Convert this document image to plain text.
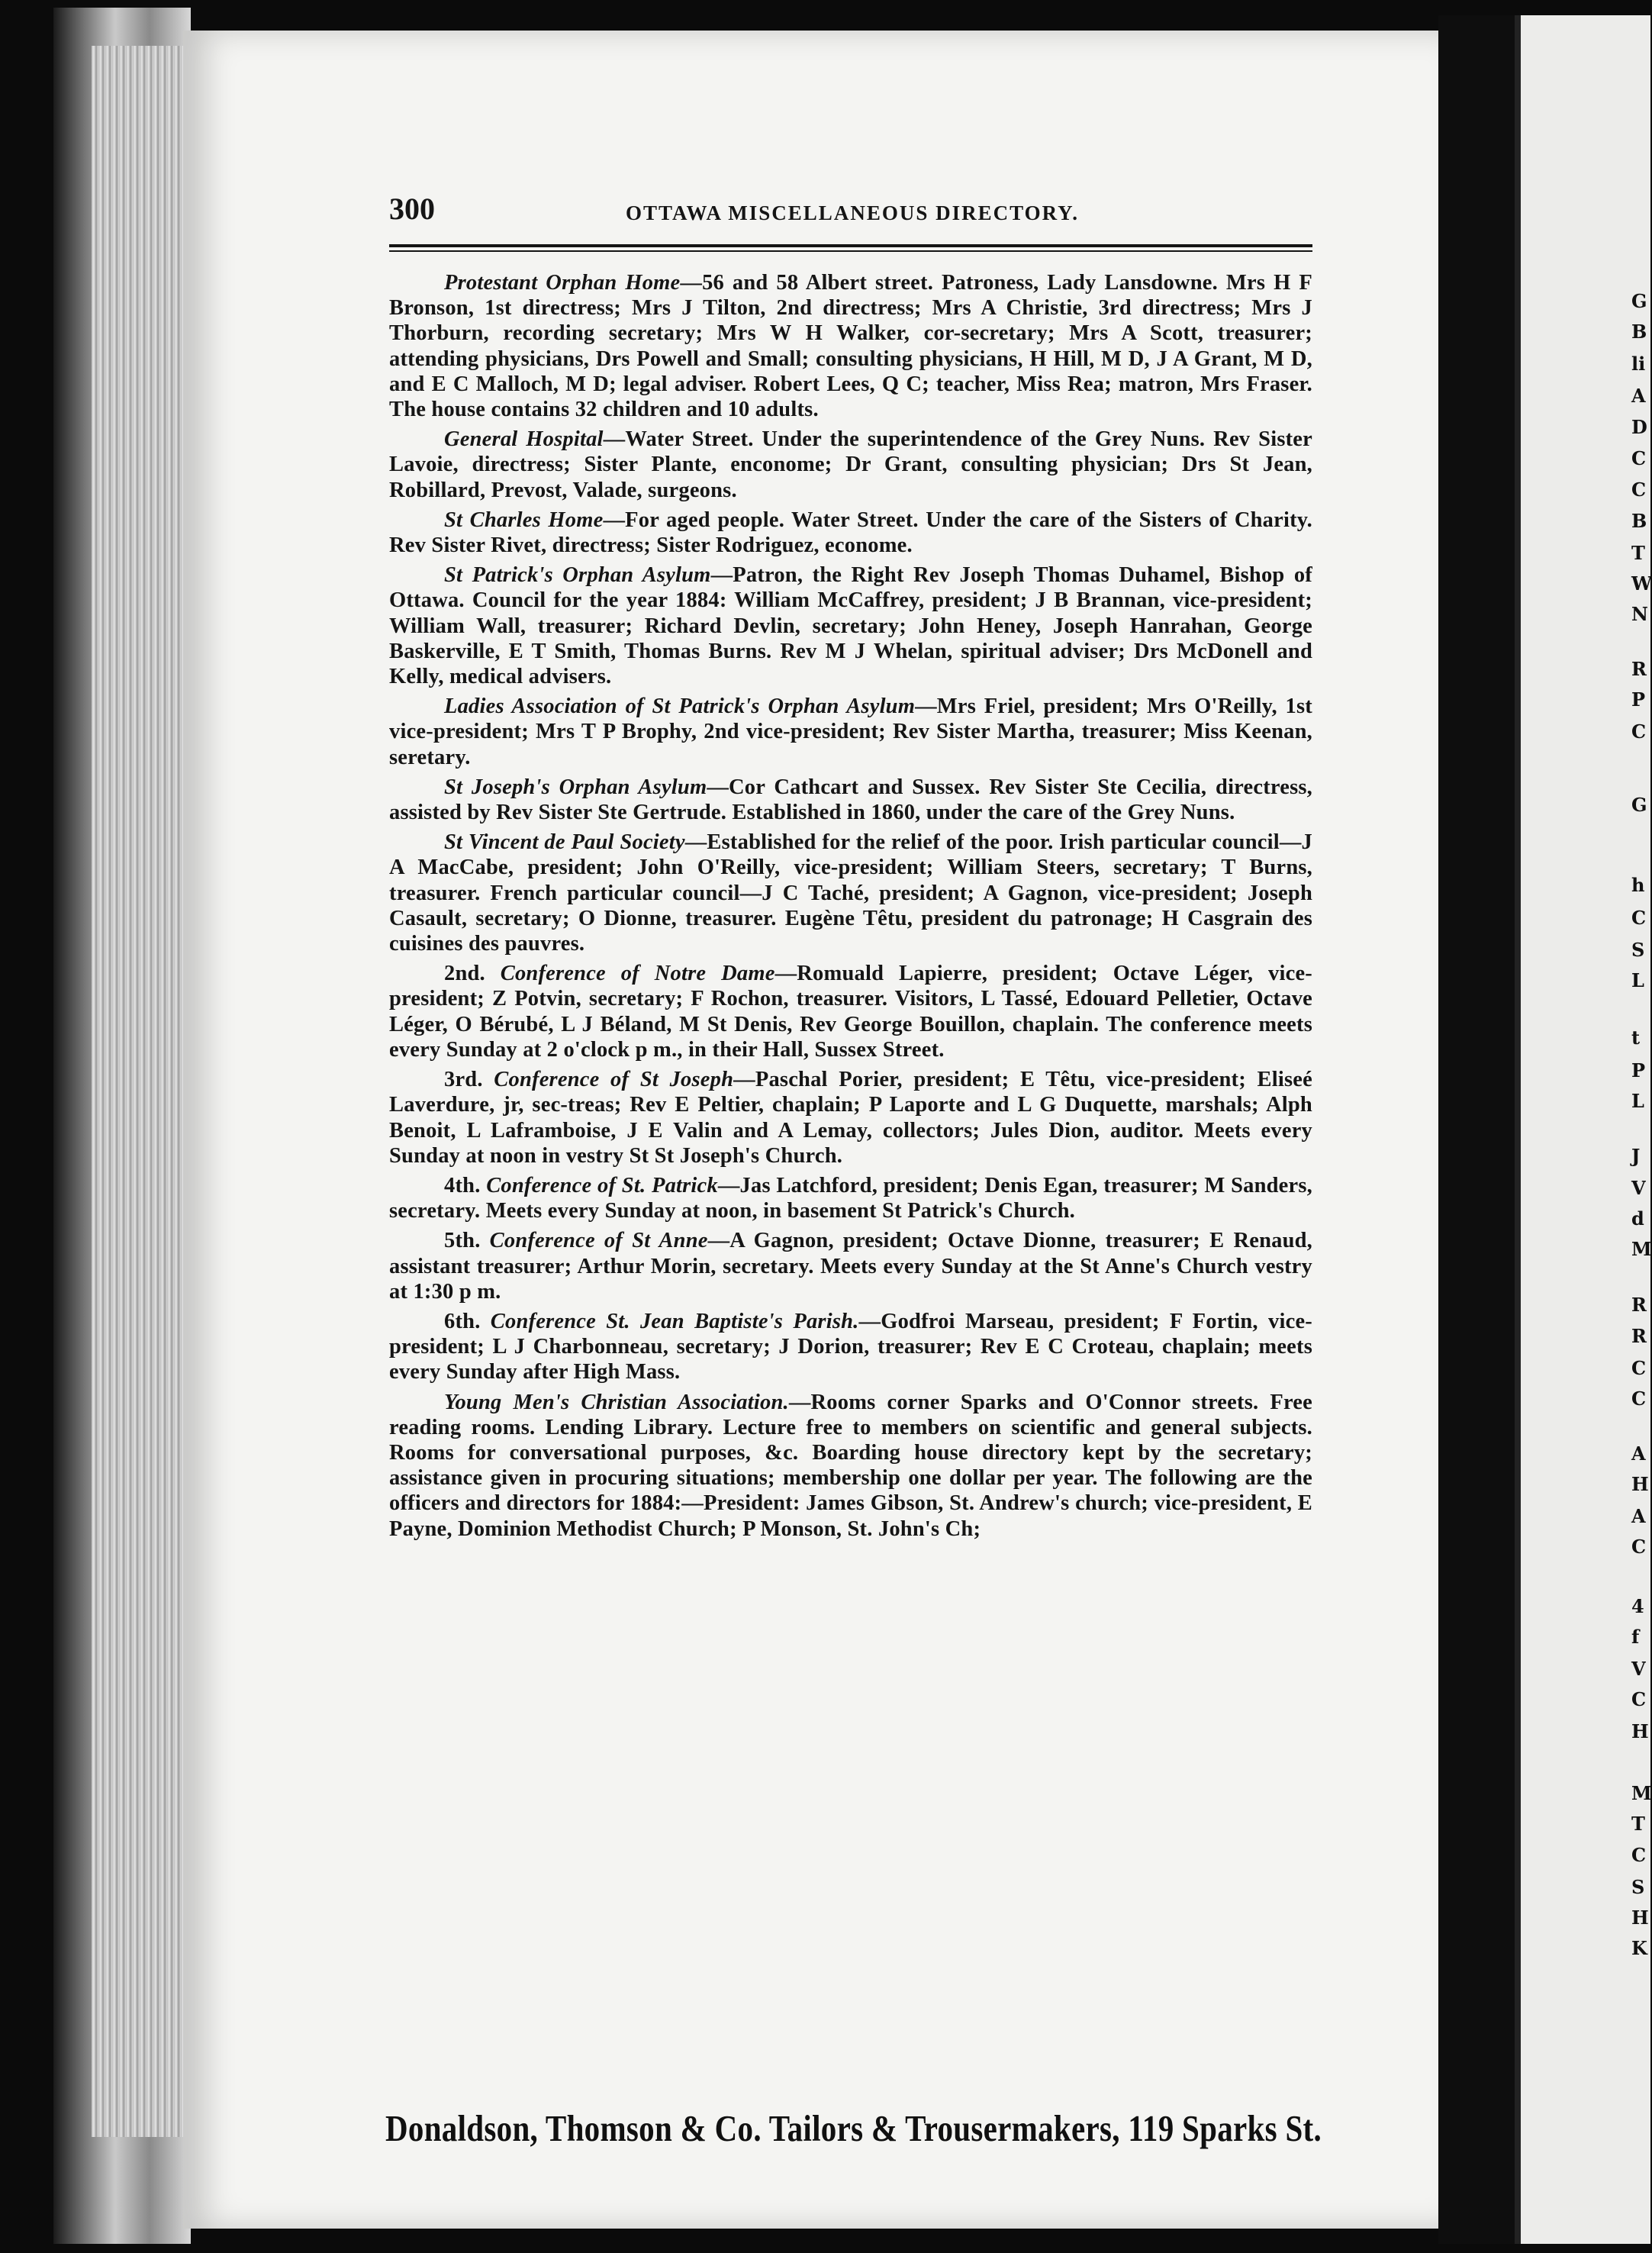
G
B
li
A
D
C
C
B
T
W
N
R
P
C
G
h
C
S
L
t
P
L
J
V
d
M
R
R
C
C
A
H
A
C
4
f
V
C
H
M
T
C
S
H
K
300	OTTAWA MISCELLANEOUS DIRECTORY.

Protestant Orphan Home—56 and 58 Albert street. Patroness, Lady Lansdowne. Mrs H F Bronson, 1st directress; Mrs J Tilton, 2nd directress; Mrs A Christie, 3rd directress; Mrs J Thorburn, recording secretary; Mrs W H Walker, cor-secretary; Mrs A Scott, treasurer; attending physicians, Drs Powell and Small; consulting physicians, H Hill, M D, J A Grant, M D, and E C Malloch, M D; legal adviser. Robert Lees, Q C; teacher, Miss Rea; matron, Mrs Fraser. The house contains 32 children and 10 adults.

General Hospital—Water Street. Under the superintendence of the Grey Nuns. Rev Sister Lavoie, directress; Sister Plante, enconome; Dr Grant, consulting physician; Drs St Jean, Robillard, Prevost, Valade, surgeons.

St Charles Home—For aged people. Water Street. Under the care of the Sisters of Charity. Rev Sister Rivet, directress; Sister Rodriguez, econome.

St Patrick's Orphan Asylum—Patron, the Right Rev Joseph Thomas Duhamel, Bishop of Ottawa. Council for the year 1884: William McCaffrey, president; J B Brannan, vice-president; William Wall, treasurer; Richard Devlin, secretary; John Heney, Joseph Hanrahan, George Baskerville, E T Smith, Thomas Burns. Rev M J Whelan, spiritual adviser; Drs McDonell and Kelly, medical advisers.

Ladies Association of St Patrick's Orphan Asylum—Mrs Friel, president; Mrs O'Reilly, 1st vice-president; Mrs T P Brophy, 2nd vice-president; Rev Sister Martha, treasurer; Miss Keenan, seretary.

St Joseph's Orphan Asylum—Cor Cathcart and Sussex. Rev Sister Ste Cecilia, directress, assisted by Rev Sister Ste Gertrude. Established in 1860, under the care of the Grey Nuns.

St Vincent de Paul Society—Established for the relief of the poor. Irish particular council—J A MacCabe, president; John O'Reilly, vice-president; William Steers, secretary; T Burns, treasurer. French particular council—J C Taché, president; A Gagnon, vice-president; Joseph Casault, secretary; O Dionne, treasurer. Eugène Têtu, president du patronage; H Casgrain des cuisines des pauvres.

2nd. Conference of Notre Dame—Romuald Lapierre, president; Octave Léger, vice-president; Z Potvin, secretary; F Rochon, treasurer. Visitors, L Tassé, Edouard Pelletier, Octave Léger, O Bérubé, L J Béland, M St Denis, Rev George Bouillon, chaplain. The conference meets every Sunday at 2 o'clock p m., in their Hall, Sussex Street.

3rd. Conference of St Joseph—Paschal Porier, president; E Têtu, vice-president; Eliseé Laverdure, jr, sec-treas; Rev E Peltier, chaplain; P Laporte and L G Duquette, marshals; Alph Benoit, L Laframboise, J E Valin and A Lemay, collectors; Jules Dion, auditor. Meets every Sunday at noon in vestry St St Joseph's Church.

4th. Conference of St. Patrick—Jas Latchford, president; Denis Egan, treasurer; M Sanders, secretary. Meets every Sunday at noon, in basement St Patrick's Church.

5th. Conference of St Anne—A Gagnon, president; Octave Dionne, treasurer; E Renaud, assistant treasurer; Arthur Morin, secretary. Meets every Sunday at the St Anne's Church vestry at 1:30 p m.

6th. Conference St. Jean Baptiste's Parish.—Godfroi Marseau, president; F Fortin, vice-president; L J Charbonneau, secretary; J Dorion, treasurer; Rev E C Croteau, chaplain; meets every Sunday after High Mass.

Young Men's Christian Association.—Rooms corner Sparks and O'Connor streets. Free reading rooms. Lending Library. Lecture free to members on scientific and general subjects. Rooms for conversational purposes, &c. Boarding house directory kept by the secretary; assistance given in procuring situations; membership one dollar per year. The following are the officers and directors for 1884:—President: James Gibson, St. Andrew's church; vice-president, E Payne, Dominion Methodist Church; P Monson, St. John's Ch;

Donaldson, Thomson & Co. Tailors & Trousermakers, 119 Sparks St.
